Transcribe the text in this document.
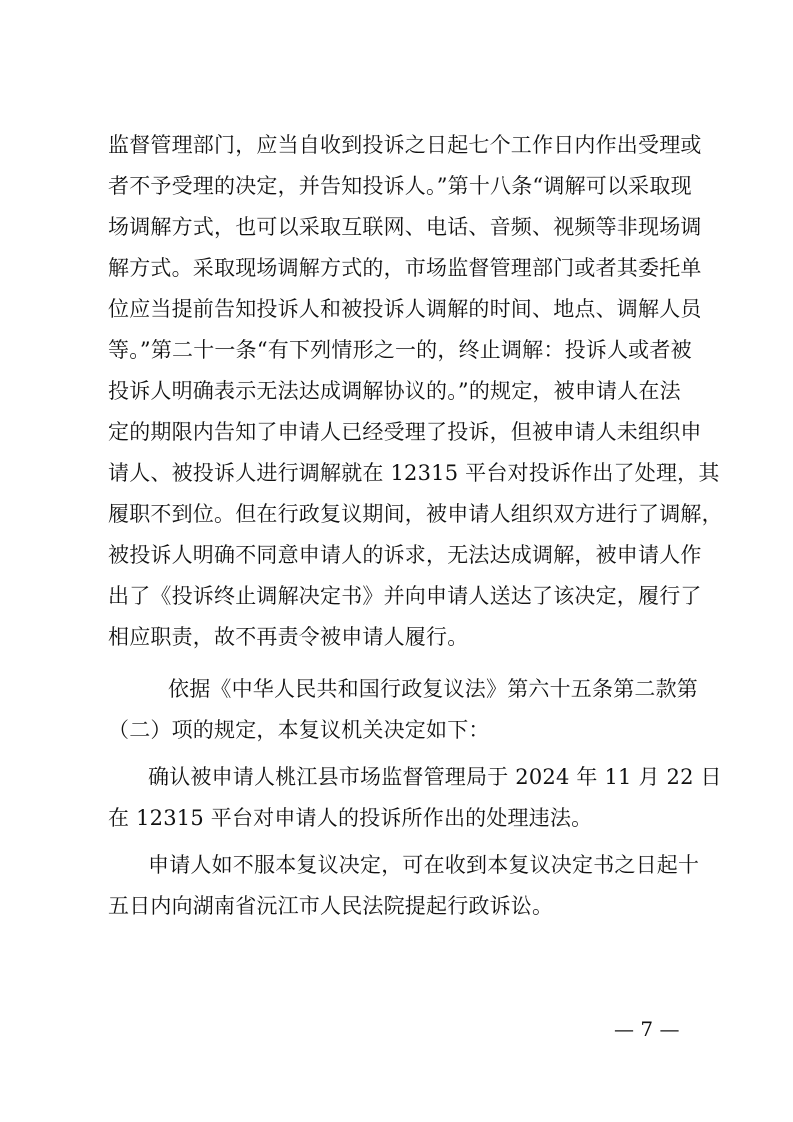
监督管理部门，应当自收到投诉之日起七个工作日内作出受理或
者不予受理的决定，并告知投诉人。”第十八条“调解可以采取现
场调解方式，也可以采取互联网、电话、音频、视频等非现场调
解方式。采取现场调解方式的，市场监督管理部门或者其委托单
位应当提前告知投诉人和被投诉人调解的时间、地点、调解人员
等。”第二十一条“有下列情形之一的，终止调解：投诉人或者被
投诉人明确表示无法达成调解协议的。”的规定，被申请人在法
定的期限内告知了申请人已经受理了投诉，但被申请人未组织申
请人、被投诉人进行调解就在 12315 平台对投诉作出了处理，其
履职不到位。但在行政复议期间，被申请人组织双方进行了调解，
被投诉人明确不同意申请人的诉求，无法达成调解，被申请人作
出了《投诉终止调解决定书》并向申请人送达了该决定，履行了
相应职责，故不再责令被申请人履行。
依据《中华人民共和国行政复议法》第六十五条第二款第
（二）项的规定，本复议机关决定如下：
确认被申请人桃江县市场监督管理局于 2024 年 11 月 22 日
在 12315 平台对申请人的投诉所作出的处理违法。
申请人如不服本复议决定，可在收到本复议决定书之日起十
五日内向湖南省沅江市人民法院提起行政诉讼。
— 7 —
